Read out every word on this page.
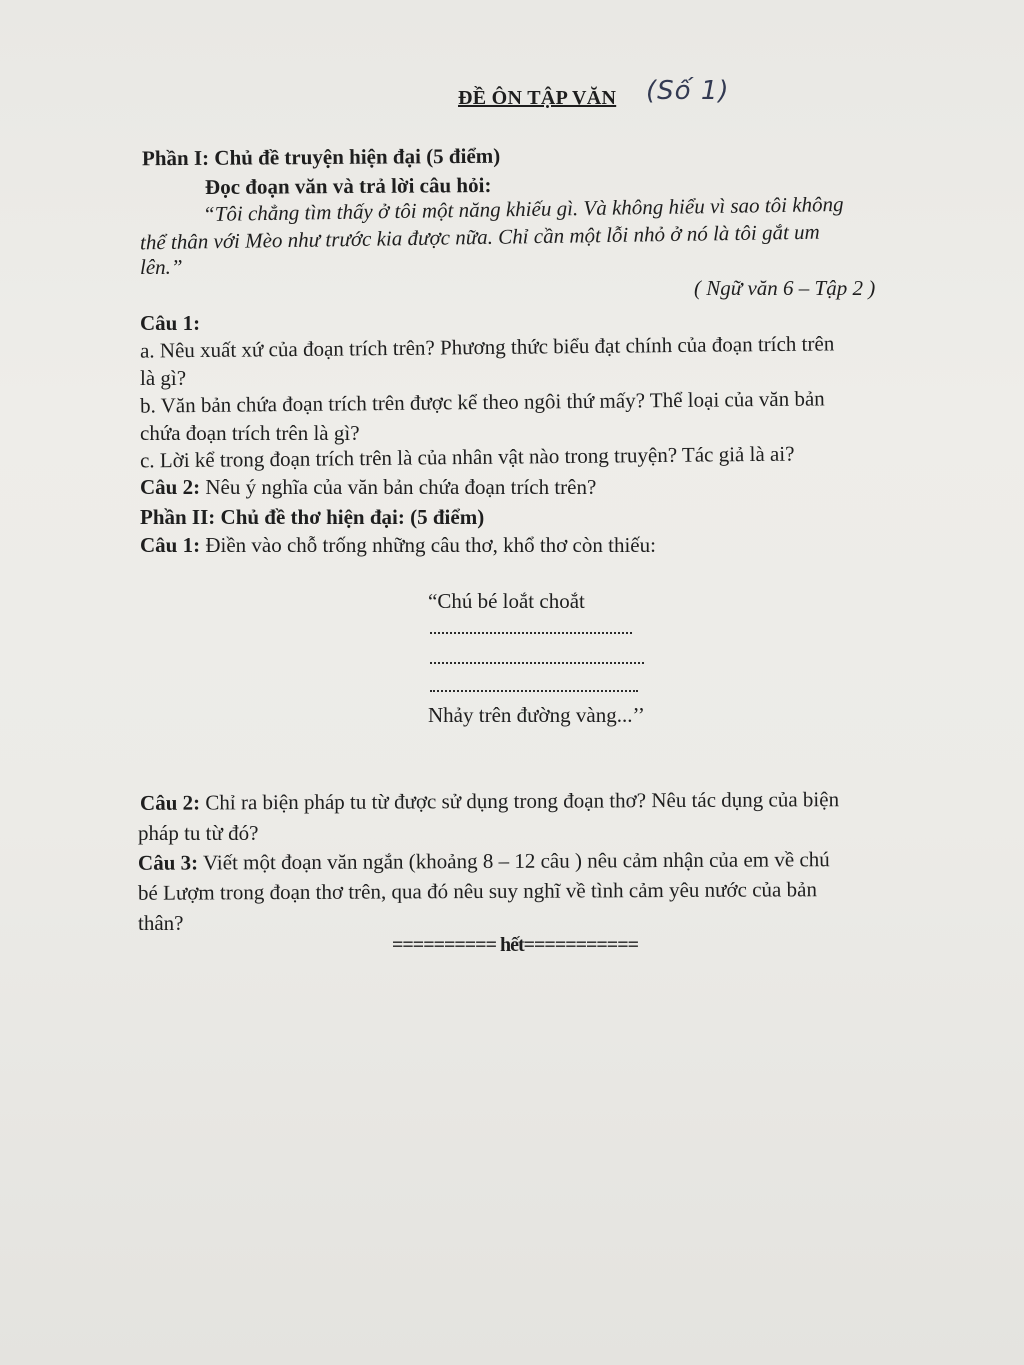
ĐỀ ÔN TẬP VĂN (Số 1)
Phần I: Chủ đề truyện hiện đại (5 điểm)
Đọc đoạn văn và trả lời câu hỏi:
“Tôi chẳng tìm thấy ở tôi một năng khiếu gì. Và không hiểu vì sao tôi không
thể thân với Mèo như trước kia được nữa. Chỉ cần một lỗi nhỏ ở nó là tôi gắt um
lên.”
( Ngữ văn 6 – Tập 2 )
Câu 1:
a. Nêu xuất xứ của đoạn trích trên? Phương thức biểu đạt chính của đoạn trích trên
là gì?
b. Văn bản chứa đoạn trích trên được kể theo ngôi thứ mấy? Thể loại của văn bản
chứa đoạn trích trên là gì?
c. Lời kể trong đoạn trích trên là của nhân vật nào trong truyện? Tác giả là ai?
Câu 2: Nêu ý nghĩa của văn bản chứa đoạn trích trên?
Phần II: Chủ đề thơ hiện đại: (5 điểm)
Câu 1: Điền vào chỗ trống những câu thơ, khổ thơ còn thiếu:
“Chú bé loắt choắt
Nhảy trên đường vàng...’’
Câu 2: Chỉ ra biện pháp tu từ được sử dụng trong đoạn thơ? Nêu tác dụng của biện
pháp tu từ đó?
Câu 3: Viết một đoạn văn ngắn (khoảng 8 – 12 câu ) nêu cảm nhận của em về chú
bé Lượm trong đoạn thơ trên, qua đó nêu suy nghĩ về tình cảm yêu nước của bản
thân?
========== hết===========
